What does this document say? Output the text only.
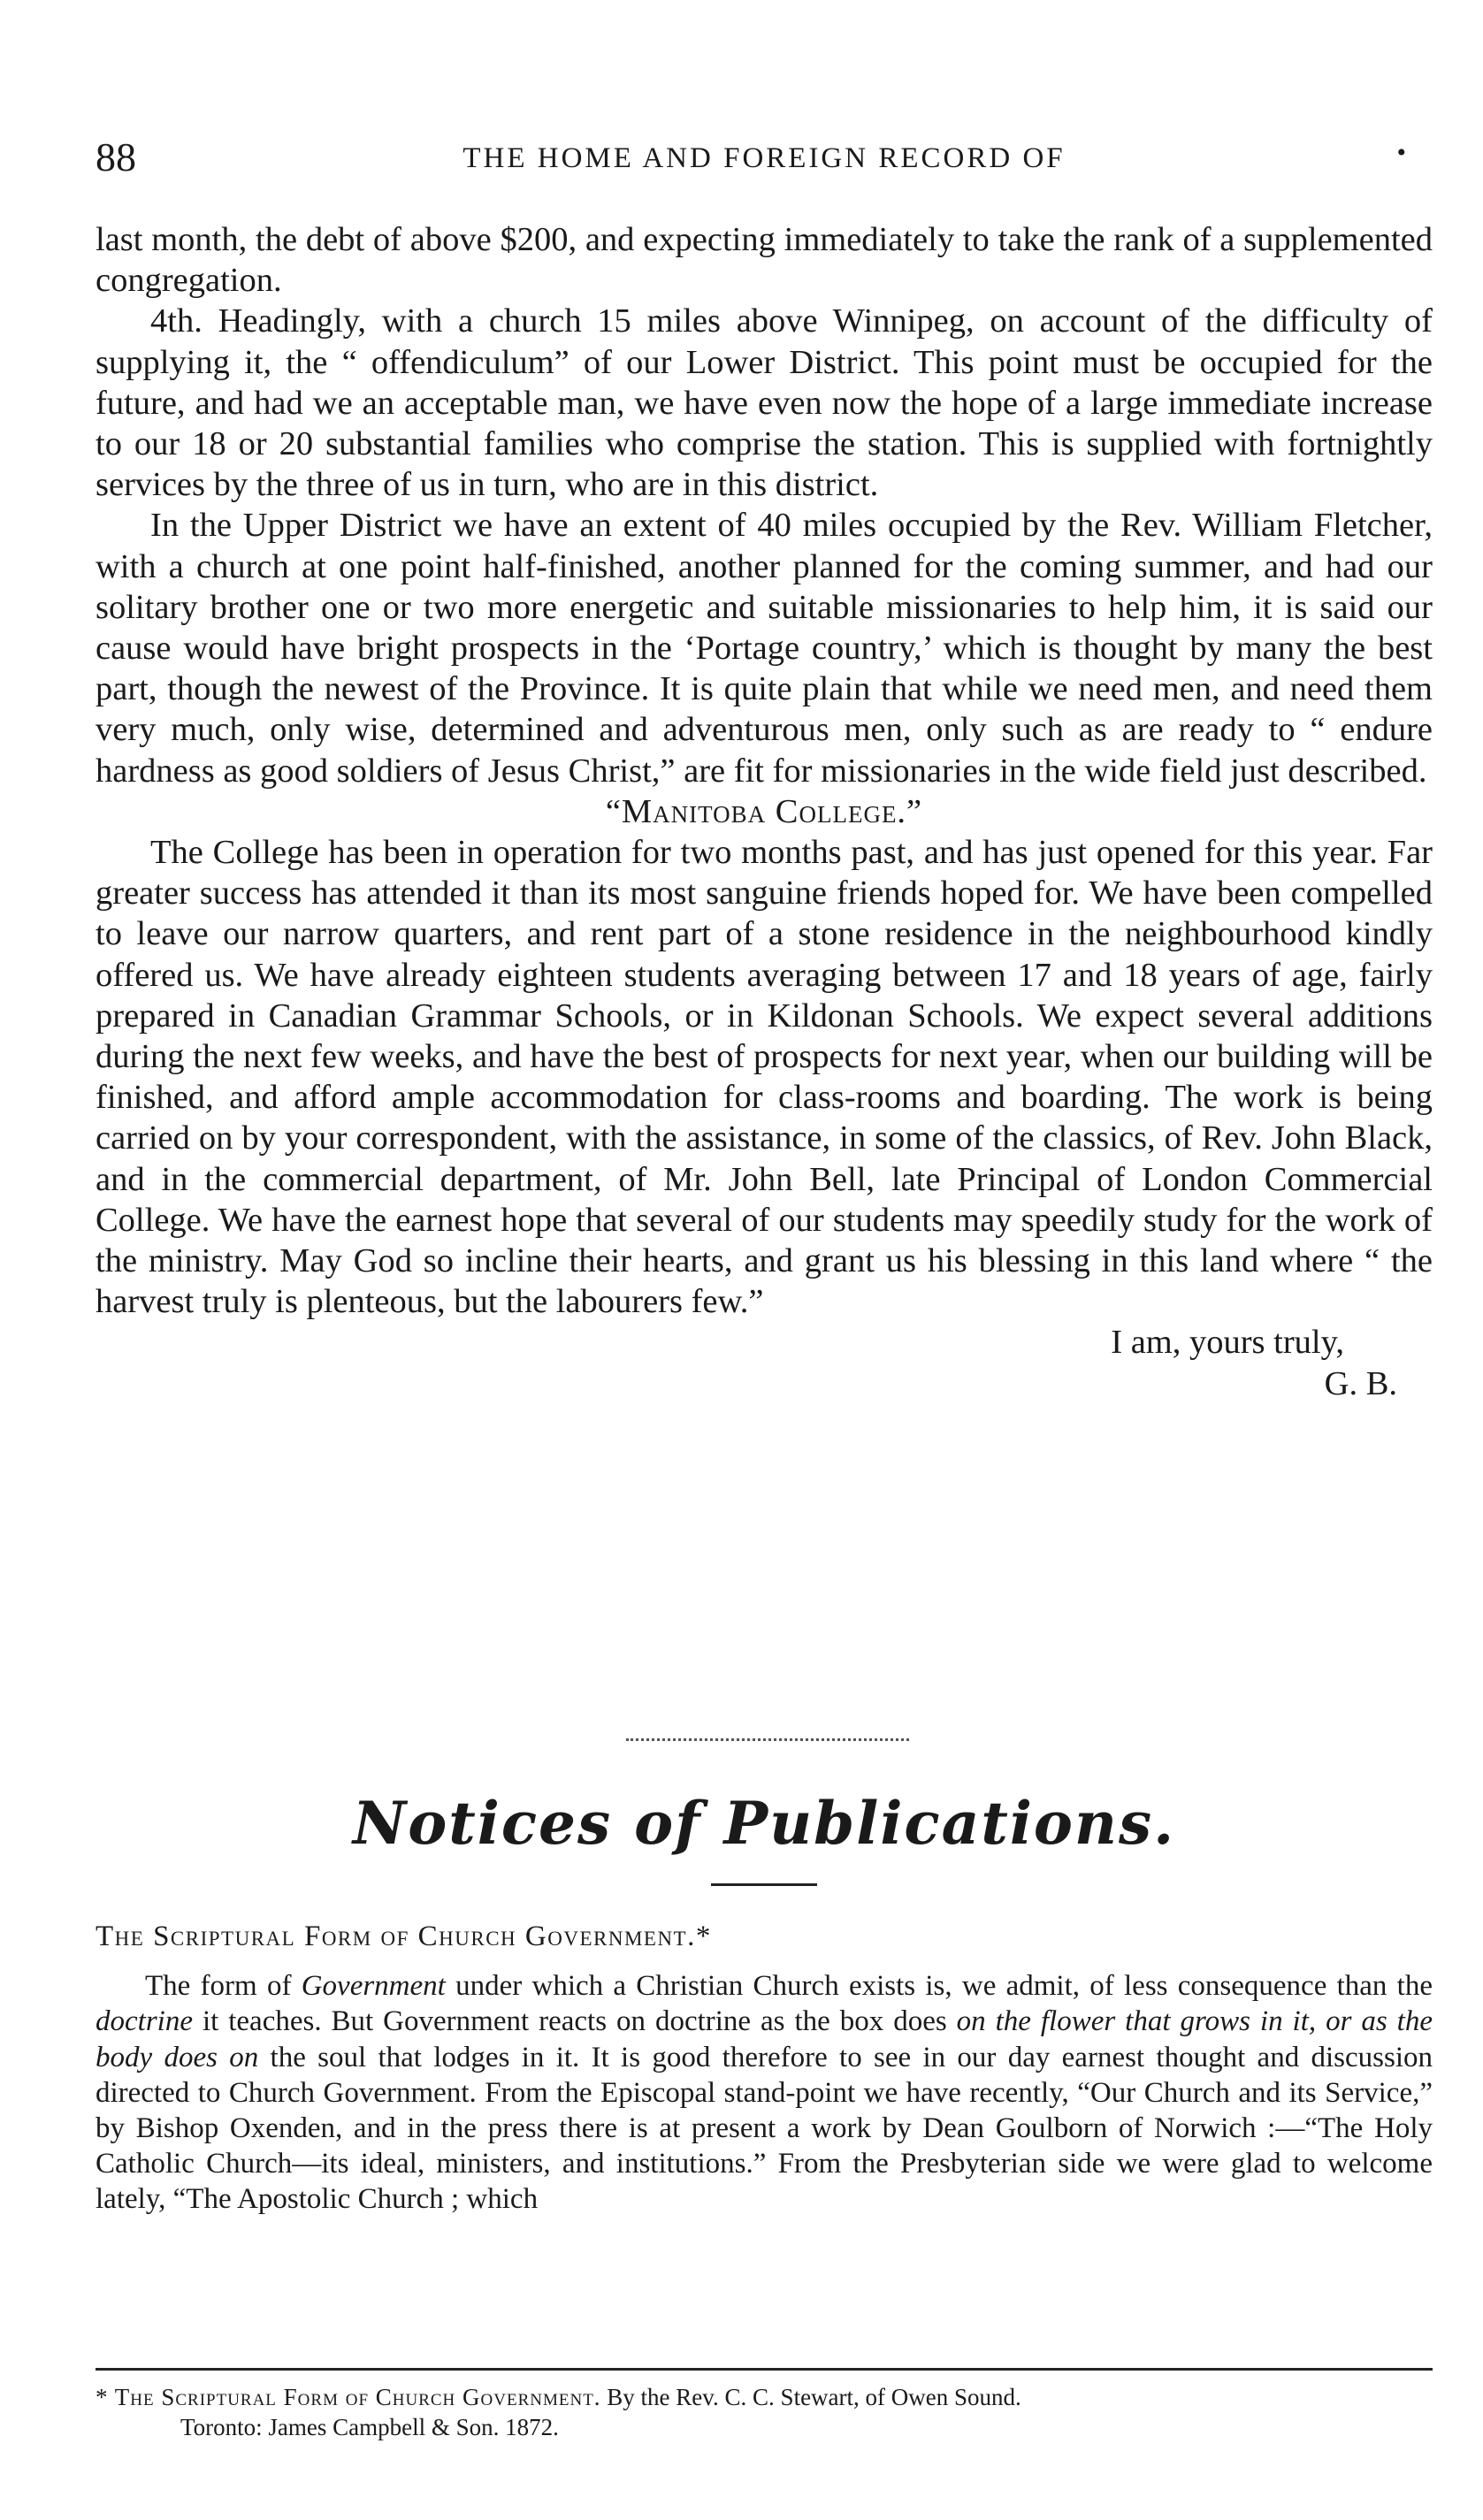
88	THE HOME AND FOREIGN RECORD OF	•

last month, the debt of above $200, and expecting immediately to take the rank of a supplemented congregation.

4th. Headingly, with a church 15 miles above Winnipeg, on account of the difficulty of supplying it, the “ offendiculum” of our Lower District. This point must be occupied for the future, and had we an acceptable man, we have even now the hope of a large immediate increase to our 18 or 20 substantial families who comprise the station. This is supplied with fortnightly services by the three of us in turn, who are in this district.

In the Upper District we have an extent of 40 miles occupied by the Rev. William Fletcher, with a church at one point half-finished, another planned for the coming summer, and had our solitary brother one or two more energetic and suitable missionaries to help him, it is said our cause would have bright prospects in the ‘Portage country,’ which is thought by many the best part, though the newest of the Province. It is quite plain that while we need men, and need them very much, only wise, determined and adventurous men, only such as are ready to “ endure hardness as good soldiers of Jesus Christ,” are fit for missionaries in the wide field just described.

“Manitoba College.”

The College has been in operation for two months past, and has just opened for this year. Far greater success has attended it than its most sanguine friends hoped for. We have been compelled to leave our narrow quarters, and rent part of a stone residence in the neighbourhood kindly offered us. We have already eighteen students averaging between 17 and 18 years of age, fairly prepared in Canadian Grammar Schools, or in Kildonan Schools. We expect several additions during the next few weeks, and have the best of prospects for next year, when our building will be finished, and afford ample accommodation for class-rooms and boarding. The work is being carried on by your correspondent, with the assistance, in some of the classics, of Rev. John Black, and in the commercial department, of Mr. John Bell, late Principal of London Commercial College. We have the earnest hope that several of our students may speedily study for the work of the ministry. May God so incline their hearts, and grant us his blessing in this land where “ the harvest truly is plenteous, but the labourers few.”

I am, yours truly,

G. B.

Notices of Publications.
The Scriptural Form of Church Government.*

The form of Government under which a Christian Church exists is, we admit, of less consequence than the doctrine it teaches. But Government reacts on doctrine as the box does on the flower that grows in it, or as the body does on the soul that lodges in it. It is good therefore to see in our day earnest thought and discussion directed to Church Government. From the Episcopal stand-point we have recently, “Our Church and its Service,” by Bishop Oxenden, and in the press there is at present a work by Dean Goulborn of Norwich :—“The Holy Catholic Church—its ideal, ministers, and institutions.” From the Presbyterian side we were glad to welcome lately, “The Apostolic Church ; which

* The Scriptural Form of Church Government. By the Rev. C. C. Stewart, of Owen Sound.
Toronto: James Campbell & Son. 1872.
